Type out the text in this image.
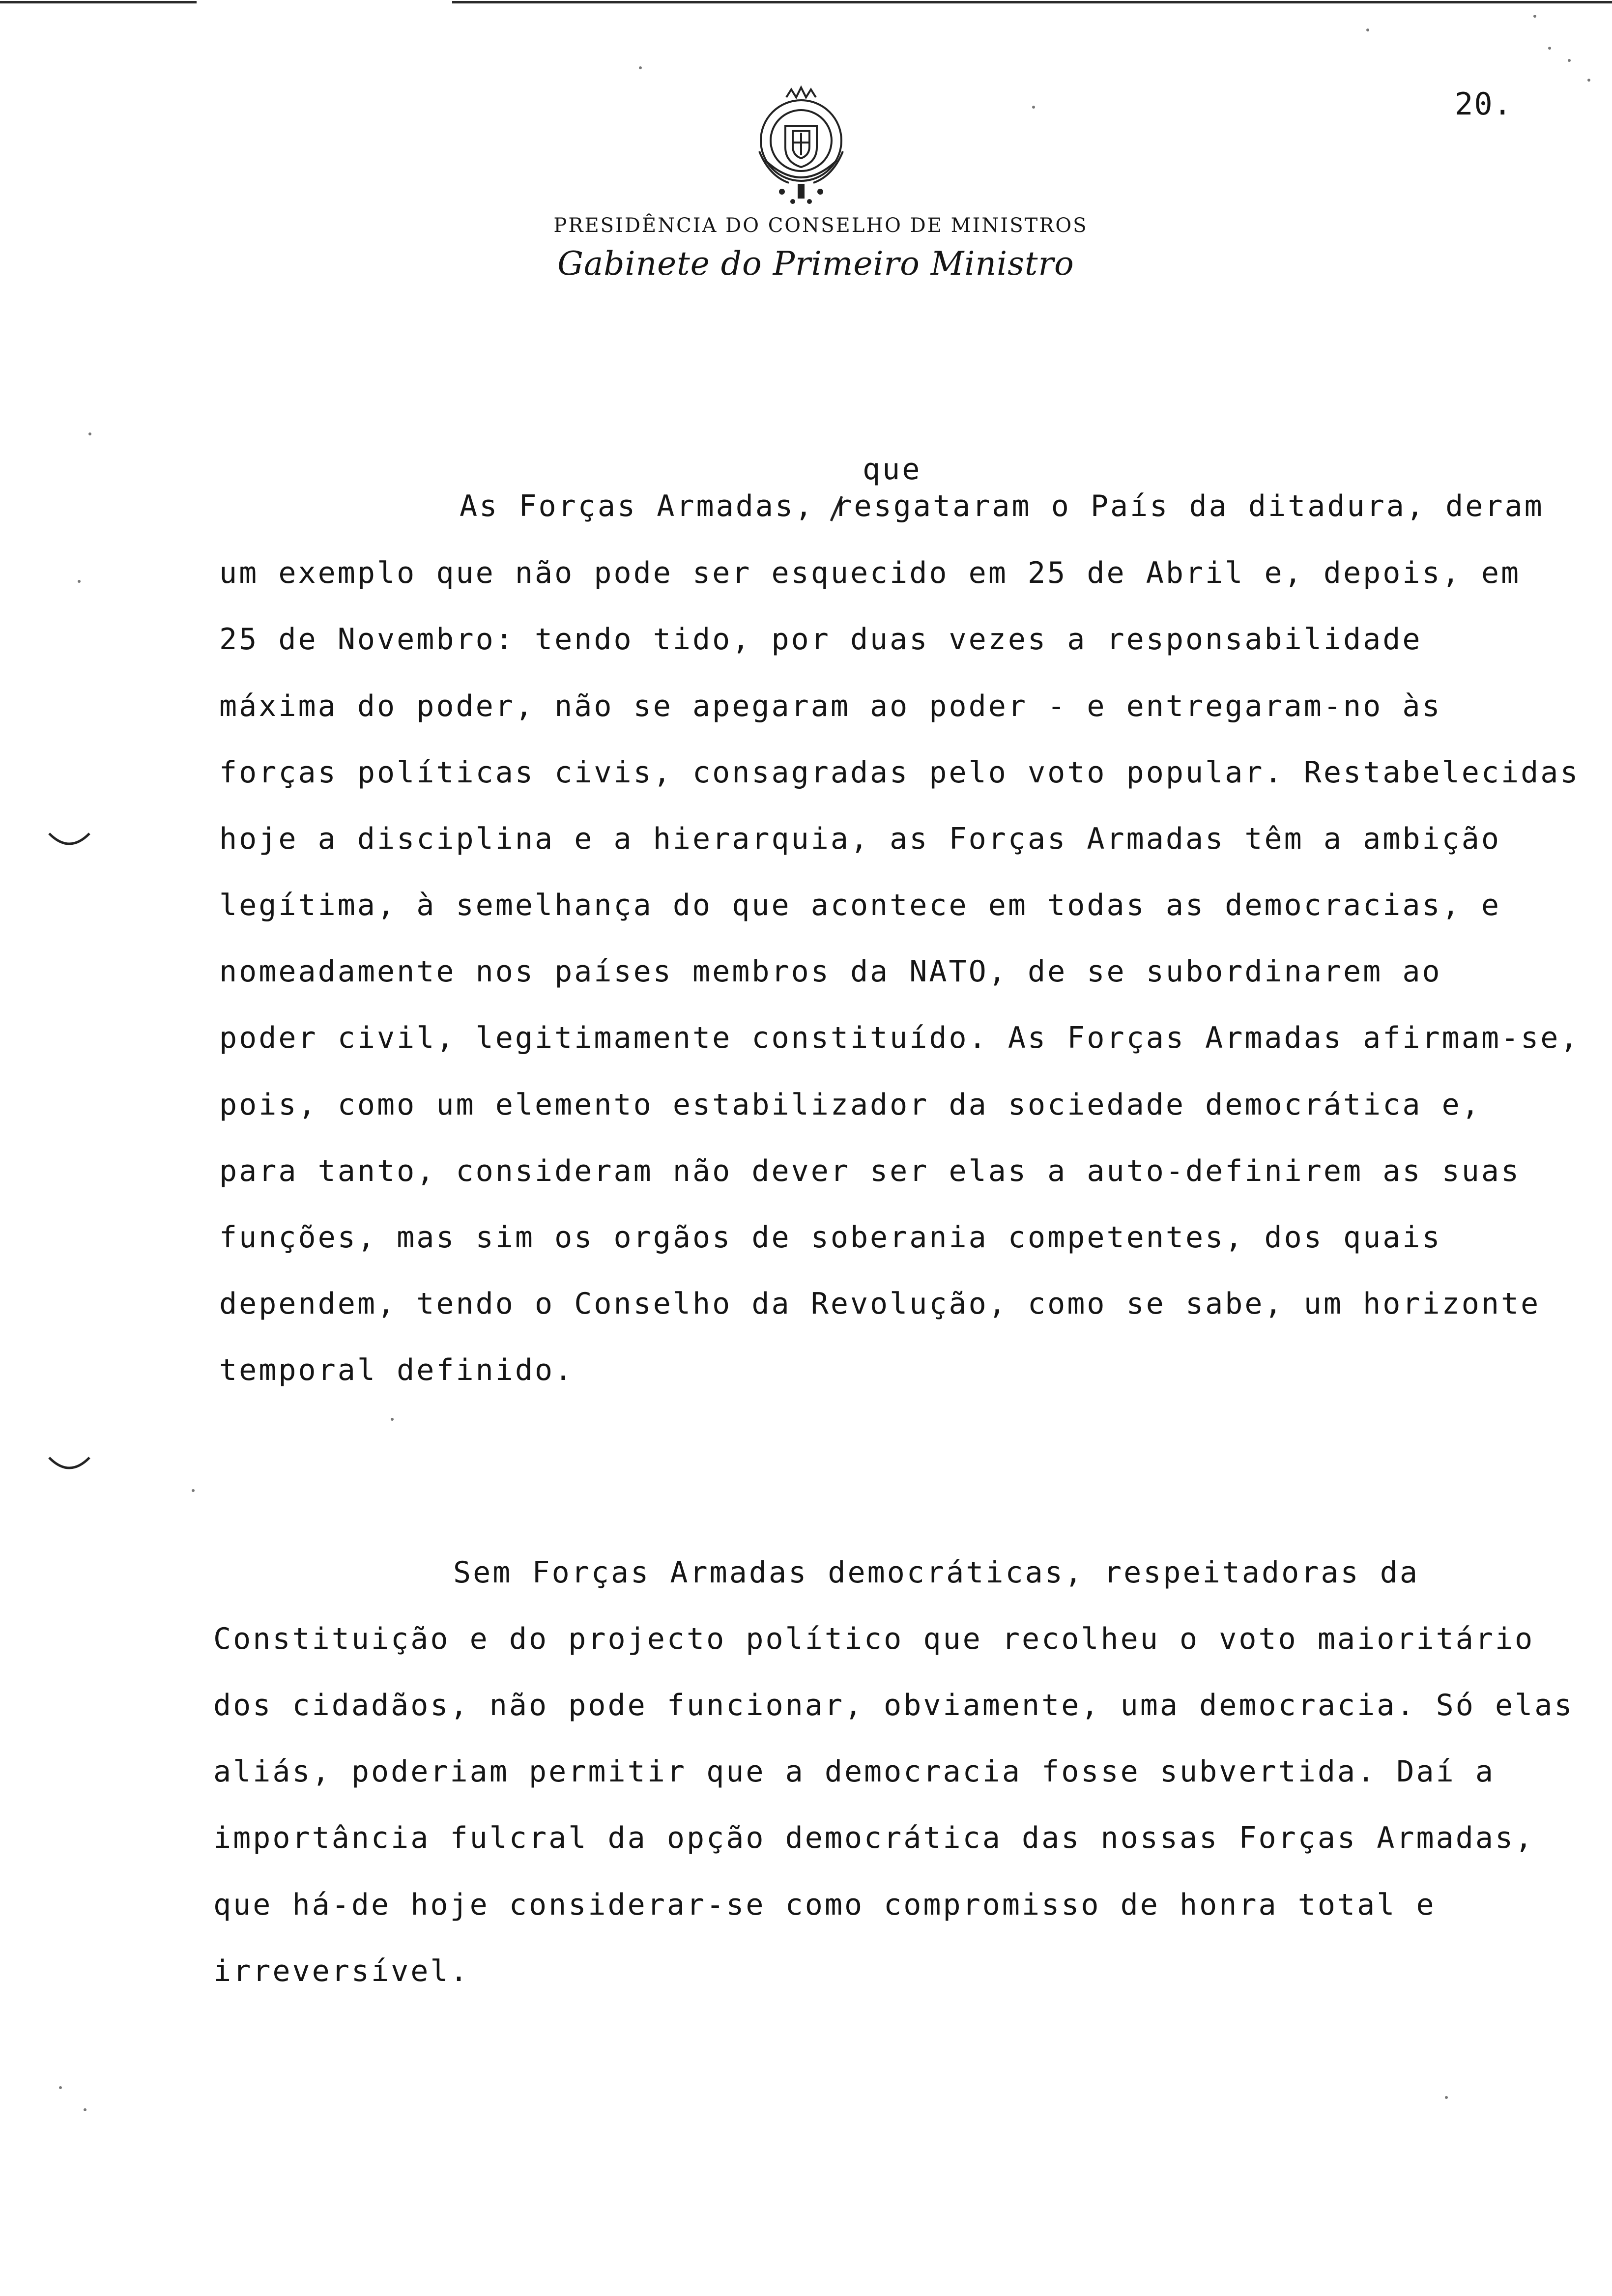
20.
PRESIDÊNCIA DO CONSELHO DE MINISTROS
Gabinete do Primeiro Ministro
que
As Forças Armadas, resgataram o País da ditadura, deram
um exemplo que não pode ser esquecido em 25 de Abril e, depois, em
25 de Novembro: tendo tido, por duas vezes a responsabilidade
máxima do poder, não se apegaram ao poder - e entregaram-no às
forças políticas civis, consagradas pelo voto popular. Restabelecidas
hoje a disciplina e a hierarquia, as Forças Armadas têm a ambição
legítima, à semelhança do que acontece em todas as democracias, e
nomeadamente nos países membros da NATO, de se subordinarem ao
poder civil, legitimamente constituído. As Forças Armadas afirmam-se,
pois, como um elemento estabilizador da sociedade democrática e,
para tanto, consideram não dever ser elas a auto-definirem as suas
funções, mas sim os orgãos de soberania competentes, dos quais
dependem, tendo o Conselho da Revolução, como se sabe, um horizonte
temporal definido.
Sem Forças Armadas democráticas, respeitadoras da
Constituição e do projecto político que recolheu o voto maioritário
dos cidadãos, não pode funcionar, obviamente, uma democracia. Só elas
aliás, poderiam permitir que a democracia fosse subvertida. Daí a
importância fulcral da opção democrática das nossas Forças Armadas,
que há-de hoje considerar-se como compromisso de honra total e
irreversível.
